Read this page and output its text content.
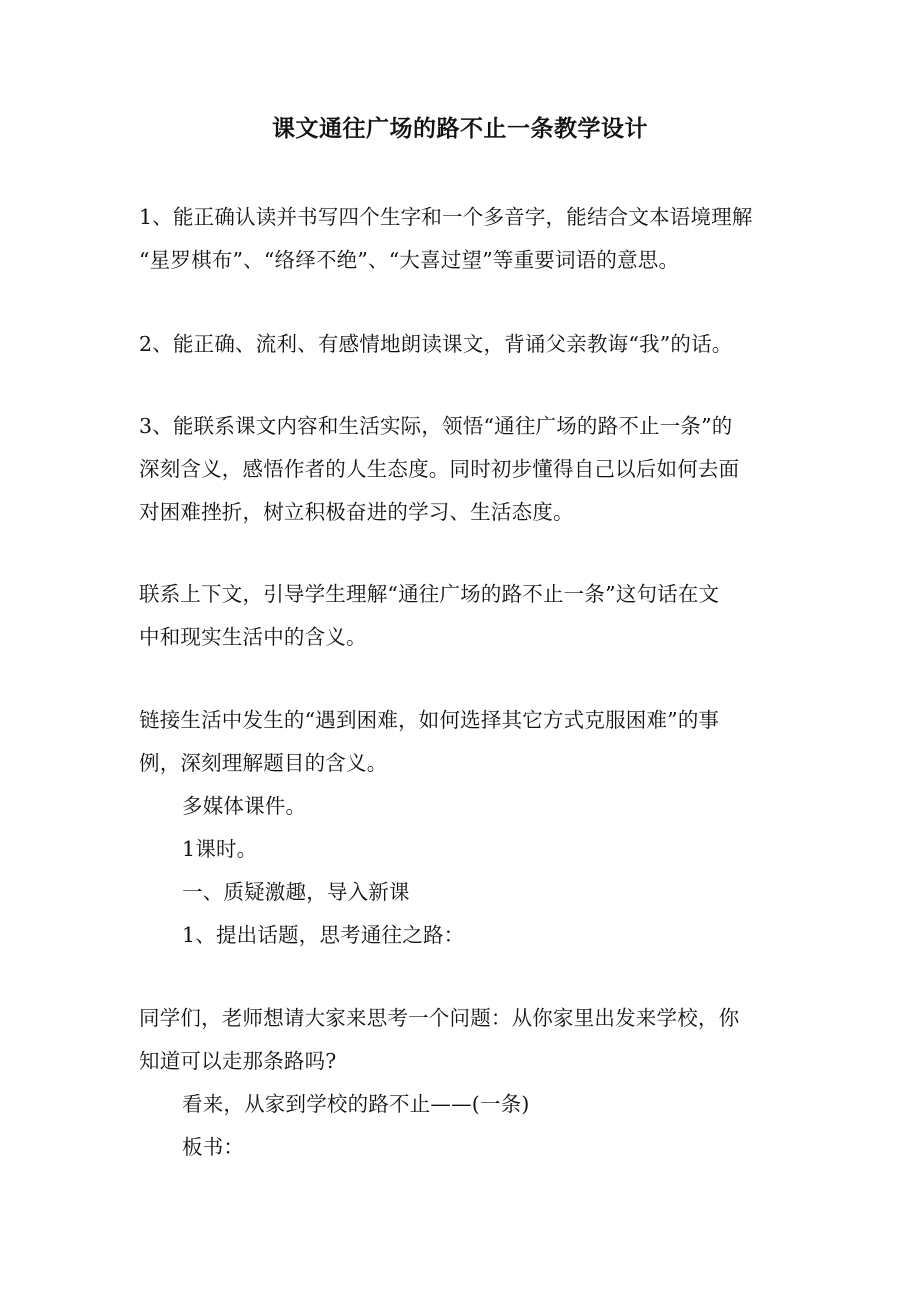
课文通往广场的路不止一条教学设计
1、能正确认读并书写四个生字和一个多音字，能结合文本语境理解
“星罗棋布”、“络绎不绝”、“大喜过望”等重要词语的意思。
2、能正确、流利、有感情地朗读课文，背诵父亲教诲“我”的话。
3、能联系课文内容和生活实际，领悟“通往广场的路不止一条”的
深刻含义，感悟作者的人生态度。同时初步懂得自己以后如何去面
对困难挫折，树立积极奋进的学习、生活态度。
联系上下文，引导学生理解“通往广场的路不止一条”这句话在文
中和现实生活中的含义。
链接生活中发生的“遇到困难，如何选择其它方式克服困难”的事
例，深刻理解题目的含义。
多媒体课件。
1课时。
一、质疑激趣，导入新课
1、提出话题，思考通往之路：
同学们，老师想请大家来思考一个问题：从你家里出发来学校，你
知道可以走那条路吗?
看来，从家到学校的路不止——(一条)
板书：
